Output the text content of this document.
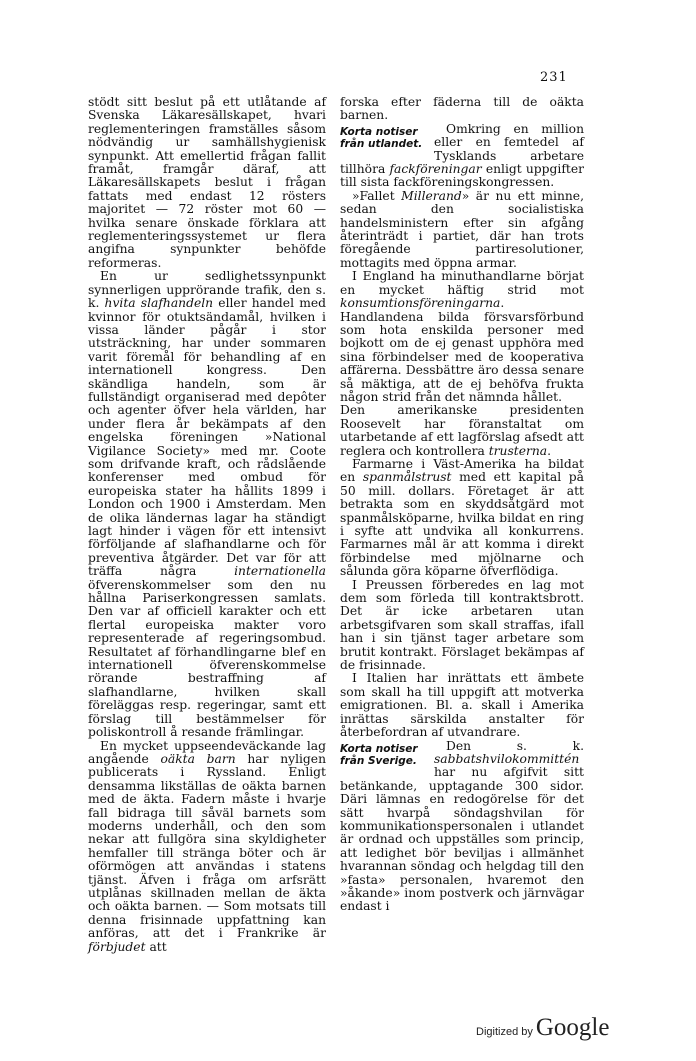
231

stödt sitt beslut på ett utlåtande af Svenska Läkaresällskapet, hvari reglementeringen framställes såsom nödvändig ur samhällshygienisk synpunkt. Att emellertid frågan fallit framåt, framgår däraf, att Läkaresällskapets beslut i frågan fattats med endast 12 rösters majoritet — 72 röster mot 60 — hvilka senare önskade förklara att reglementeringssystemet ur flera angifna synpunkter behöfde reformeras.

En ur sedlighetssynpunkt synnerligen upprörande trafik, den s. k. hvita slafhandeln eller handel med kvinnor för otuktsändamål, hvilken i vissa länder pågår i stor utsträckning, har under sommaren varit föremål för behandling af en internationell kongress. Den skändliga handeln, som är fullständigt organiserad med depôter och agenter öfver hela världen, har under flera år bekämpats af den engelska föreningen »National Vigilance Society» med mr. Coote som drifvande kraft, och rådslående konferenser med ombud för europeiska stater ha hållits 1899 i London och 1900 i Amsterdam. Men de olika ländernas lagar ha ständigt lagt hinder i vägen för ett intensivt förföljande af slafhandlarne och för preventiva åtgärder. Det var för att träffa några internationella öfverenskommelser som den nu hållna Pariserkongressen samlats. Den var af officiell karakter och ett flertal europeiska makter voro representerade af regeringsombud. Resultatet af förhandlingarne blef en internationell öfverenskommelse rörande bestraffning af slafhandlarne, hvilken skall föreläggas resp. regeringar, samt ett förslag till bestämmelser för poliskontroll å resande främlingar.

En mycket uppseendeväckande lag angående oäkta barn har nyligen publicerats i Ryssland. Enligt densamma likställas de oäkta barnen med de äkta. Fadern måste i hvarje fall bidraga till såväl barnets som moderns underhåll, och den som nekar att fullgöra sina skyldigheter hemfaller till stränga böter och är oförmögen att användas i statens tjänst. Äfven i fråga om arfsrätt utplånas skillnaden mellan de äkta och oäkta barnen. — Som motsats till denna frisinnade uppfattning kan anföras, att det i Frankrike är förbjudet att

forska efter fäderna till de oäkta barnen.

Korta notiser
från utlandet.

Omkring en million eller en femtedel af Tysklands arbetare tillhöra fackföreningar enligt uppgifter till sista fackföreningskongressen.

»Fallet Millerand» är nu ett minne, sedan den socialistiska handelsministern efter sin afgång återinträdt i partiet, där han trots föregående partiresolutioner, mottagits med öppna armar.

I England ha minuthandlarne börjat en mycket häftig strid mot konsumtionsföreningarna. Handlandena bilda försvarsförbund som hota enskilda personer med bojkott om de ej genast upphöra med sina förbindelser med de kooperativa affärerna. Dessbättre äro dessa senare så mäktiga, att de ej behöfva frukta någon strid från det nämnda hållet.

Den amerikanske presidenten Roosevelt har föranstaltat om utarbetande af ett lagförslag afsedt att reglera och kontrollera trusterna.

Farmarne i Väst-Amerika ha bildat en spanmålstrust med ett kapital på 50 mill. dollars. Företaget är att betrakta som en skyddsåtgärd mot spanmålsköparne, hvilka bildat en ring i syfte att undvika all konkurrens. Farmarnes mål är att komma i direkt förbindelse med mjölnarne och sålunda göra köparne öfverflödiga.

I Preussen förberedes en lag mot dem som förleda till kontraktsbrott. Det är icke arbetaren utan arbetsgifvaren som skall straffas, ifall han i sin tjänst tager arbetare som brutit kontrakt. Förslaget bekämpas af de frisinnade.

I Italien har inrättats ett ämbete som skall ha till uppgift att motverka emigrationen. Bl. a. skall i Amerika inrättas särskilda anstalter för återbefordran af utvandrare.

Korta notiser
från Sverige.

Den s. k. sabbatshvilokommittén har nu afgifvit sitt betänkande, upptagande 300 sidor. Däri lämnas en redogörelse för det sätt hvarpå söndagshvilan för kommunikationspersonalen i utlandet är ordnad och uppställes som princip, att ledighet bör beviljas i allmänhet hvarannan söndag och helgdag till den »fasta» personalen, hvaremot den »åkande» inom postverk och järnvägar endast i

Digitized by Google
